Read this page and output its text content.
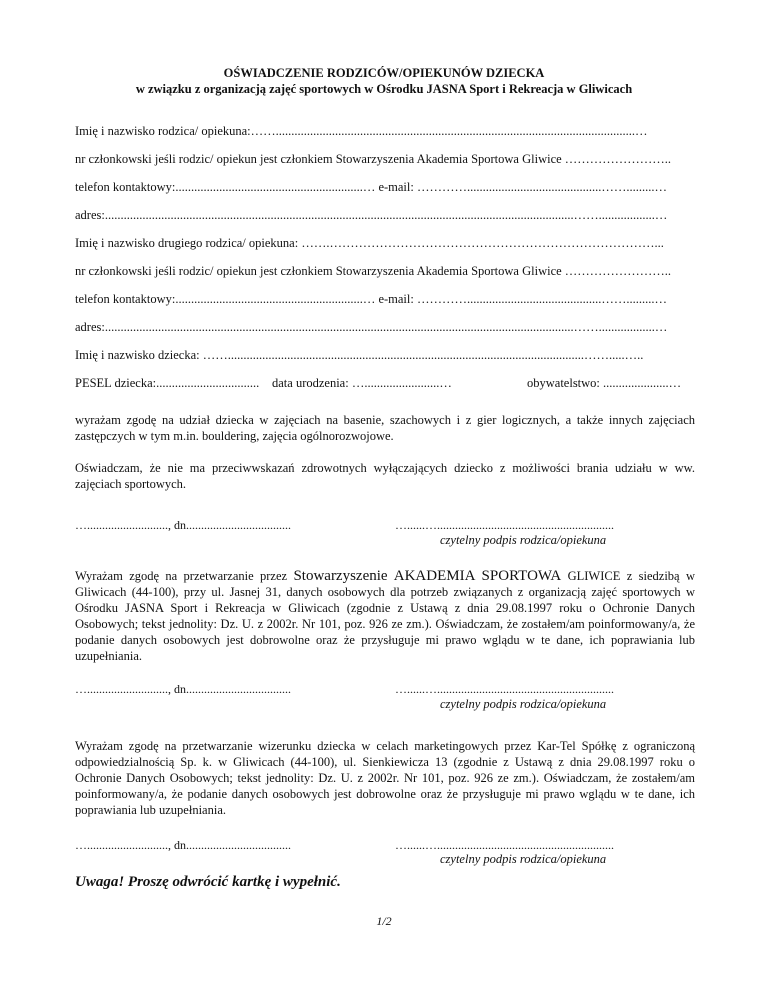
OŚWIADCZENIE RODZICÓW/OPIEKUNÓW DZIECKA
w związku z organizacją zajęć sportowych w Ośrodku JASNA Sport i Rekreacja w Gliwicach
Imię i nazwisko rodzica/ opiekuna:……...................................................................................................................…
nr członkowski jeśli rodzic/ opiekun jest członkiem Stowarzyszenia Akademia Sportowa Gliwice ……………………..
telefon kontaktowy:............................................................… e-mail: …………...........................................…….........…
adres:......................................................................................................................................................……..................…
Imię i nazwisko drugiego rodzica/ opiekuna: …….……………………………………………………………………...
nr członkowski jeśli rodzic/ opiekun jest członkiem Stowarzyszenia Akademia Sportowa Gliwice ……………………..
telefon kontaktowy:............................................................… e-mail: …………...........................................…….........…
adres:......................................................................................................................................................……..................…
Imię i nazwisko dziecka: ……..................................................................................................................…….....…..
PESEL dziecka:................................. data urodzenia: …........................…	obywatelstwo: .....................…
wyrażam zgodę na udział dziecka w zajęciach na basenie, szachowych i z gier logicznych, a także innych zajęciach zastępczych w tym m.in. bouldering, zajęcia ogólnorozwojowe.
Oświadczam, że nie ma przeciwwskazań zdrowotnych wyłączających dziecko z możliwości brania udziału w ww. zajęciach sportowych.
…..........................., dn...................................	…......…...........................................................
czytelny podpis rodzica/opiekuna
Wyrażam zgodę na przetwarzanie przez Stowarzyszenie AKADEMIA SPORTOWA GLIWICE z siedzibą w Gliwicach (44-100), przy ul. Jasnej 31, danych osobowych dla potrzeb związanych z organizacją zajęć sportowych w Ośrodku JASNA Sport i Rekreacja w Gliwicach (zgodnie z Ustawą z dnia 29.08.1997 roku o Ochronie Danych Osobowych; tekst jednolity: Dz. U. z 2002r. Nr 101, poz. 926 ze zm.). Oświadczam, że zostałem/am poinformowany/a, że podanie danych osobowych jest dobrowolne oraz że przysługuje mi prawo wglądu w te dane, ich poprawiania lub uzupełniania.
…..........................., dn...................................	…......…...........................................................
czytelny podpis rodzica/opiekuna
Wyrażam zgodę na przetwarzanie wizerunku dziecka w celach marketingowych przez Kar-Tel Spółkę z ograniczoną odpowiedzialnością Sp. k. w Gliwicach (44-100), ul. Sienkiewicza 13 (zgodnie z Ustawą z dnia 29.08.1997 roku o Ochronie Danych Osobowych; tekst jednolity: Dz. U. z 2002r. Nr 101, poz. 926 ze zm.). Oświadczam, że zostałem/am poinformowany/a, że podanie danych osobowych jest dobrowolne oraz że przysługuje mi prawo wglądu w te dane, ich poprawiania lub uzupełniania.
…..........................., dn...................................	…......…...........................................................
czytelny podpis rodzica/opiekuna
Uwaga! Proszę odwrócić kartkę i wypełnić.
1/2
